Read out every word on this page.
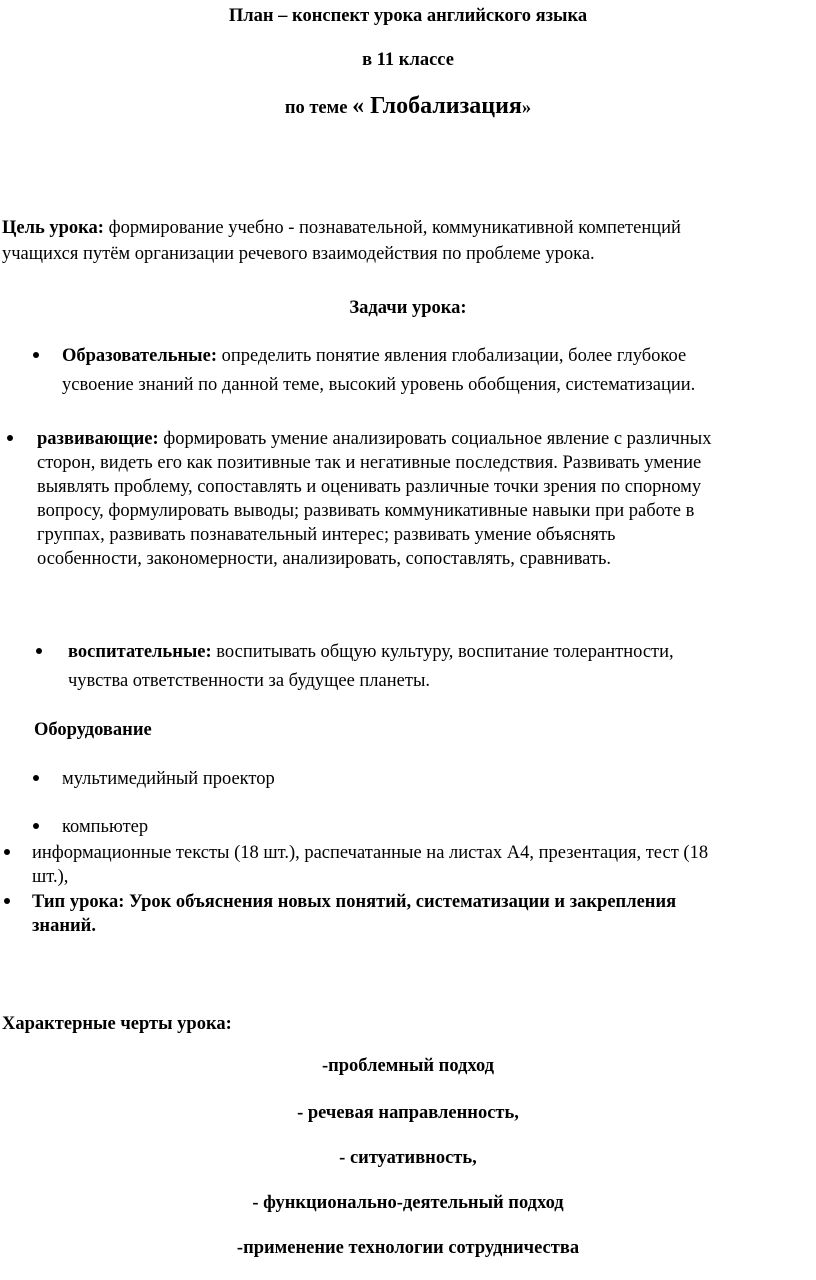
План – конспект урока английского языка
в 11 классе
по теме « Глобализация»
Цель урока: формирование учебно - познавательной, коммуникативной компетенций
учащихся путём организации речевого взаимодействия по проблеме урока.
Задачи урока:
Образовательные: определить понятие явления глобализации, более глубокое
усвоение знаний по данной теме, высокий уровень обобщения, систематизации.
развивающие: формировать умение анализировать социальное явление с различных
сторон, видеть его как позитивные так и негативные последствия. Развивать умение
выявлять проблему, сопоставлять и оценивать различные точки зрения по спорному
вопросу, формулировать выводы; развивать коммуникативные навыки при работе в
группах, развивать познавательный интерес; развивать умение объяснять
особенности, закономерности, анализировать, сопоставлять, сравнивать.
воспитательные: воспитывать общую культуру, воспитание толерантности,
чувства ответственности за будущее планеты.
Оборудование
мультимедийный проектор
компьютер
информационные тексты (18 шт.), распечатанные на листах А4, презентация, тест (18
шт.),
Тип урока: Урок объяснения новых понятий, систематизации и закрепления
знаний.
Характерные черты урока:
-проблемный подход
- речевая направленность,
- ситуативность,
- функционально-деятельный подход
-применение технологии сотрудничества
